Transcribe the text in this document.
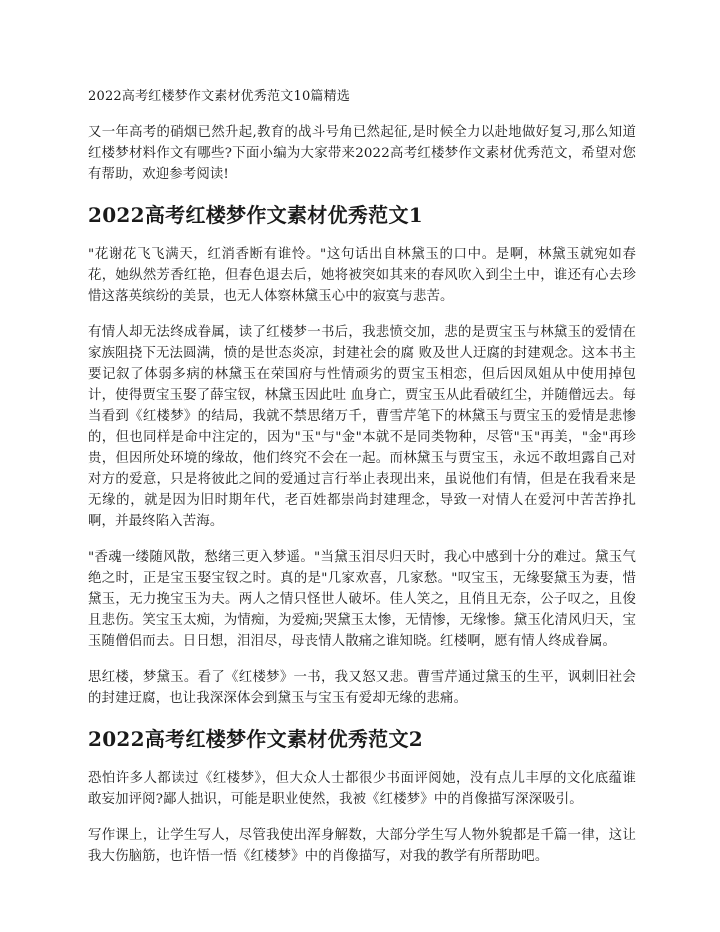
2022高考红楼梦作文素材优秀范文10篇精选

又一年高考的硝烟已然升起,教育的战斗号角已然起征,是时候全力以赴地做好复习,那么知道红楼梦材料作文有哪些?下面小编为大家带来2022高考红楼梦作文素材优秀范文，希望对您有帮助，欢迎参考阅读!

2022高考红楼梦作文素材优秀范文1

"花谢花飞飞满天，红消香断有谁怜。"这句话出自林黛玉的口中。是啊，林黛玉就宛如春花，她纵然芳香红艳，但春色退去后，她将被突如其来的春风吹入到尘土中，谁还有心去珍惜这落英缤纷的美景，也无人体察林黛玉心中的寂寞与悲苦。

有情人却无法终成眷属，读了红楼梦一书后，我悲愤交加，悲的是贾宝玉与林黛玉的爱情在家族阻挠下无法圆满，愤的是世态炎凉，封建社会的腐 败及世人迂腐的封建观念。这本书主要记叙了体弱多病的林黛玉在荣国府与性情顽劣的贾宝玉相恋，但后因凤姐从中使用掉包计，使得贾宝玉娶了薛宝钗，林黛玉因此吐 血身亡，贾宝玉从此看破红尘，并随僧远去。每当看到《红楼梦》的结局，我就不禁思绪万千，曹雪芹笔下的林黛玉与贾宝玉的爱情是悲惨的，但也同样是命中注定的，因为"玉"与"金"本就不是同类物种，尽管"玉"再美，"金"再珍贵，但因所处环境的缘故，他们终究不会在一起。而林黛玉与贾宝玉，永远不敢坦露自己对对方的爱意，只是将彼此之间的爱通过言行举止表现出来，虽说他们有情，但是在我看来是无缘的，就是因为旧时期年代，老百姓都崇尚封建理念，导致一对情人在爱河中苦苦挣扎啊，并最终陷入苦海。

"香魂一缕随风散，愁绪三更入梦遥。"当黛玉泪尽归天时，我心中感到十分的难过。黛玉气绝之时，正是宝玉娶宝钗之时。真的是"几家欢喜，几家愁。"叹宝玉，无缘娶黛玉为妻，惜黛玉，无力挽宝玉为夫。两人之情只怪世人破坏。佳人笑之，且俏且无奈，公子叹之，且俊且悲伤。笑宝玉太痴，为情痴，为爱痴;哭黛玉太惨，无情惨，无缘惨。黛玉化清风归天，宝玉随僧侣而去。日日想，泪泪尽，母丧情人散痛之谁知晓。红楼啊，愿有情人终成眷属。

思红楼，梦黛玉。看了《红楼梦》一书，我又怒又悲。曹雪芹通过黛玉的生平，讽刺旧社会的封建迂腐，也让我深深体会到黛玉与宝玉有爱却无缘的悲痛。

2022高考红楼梦作文素材优秀范文2

恐怕许多人都读过《红楼梦》，但大众人士都很少书面评阅她，没有点儿丰厚的文化底蕴谁敢妄加评阅?鄙人拙识，可能是职业使然，我被《红楼梦》中的肖像描写深深吸引。

写作课上，让学生写人，尽管我使出浑身解数，大部分学生写人物外貌都是千篇一律，这让我大伤脑筋，也许悟一悟《红楼梦》中的肖像描写，对我的教学有所帮助吧。
